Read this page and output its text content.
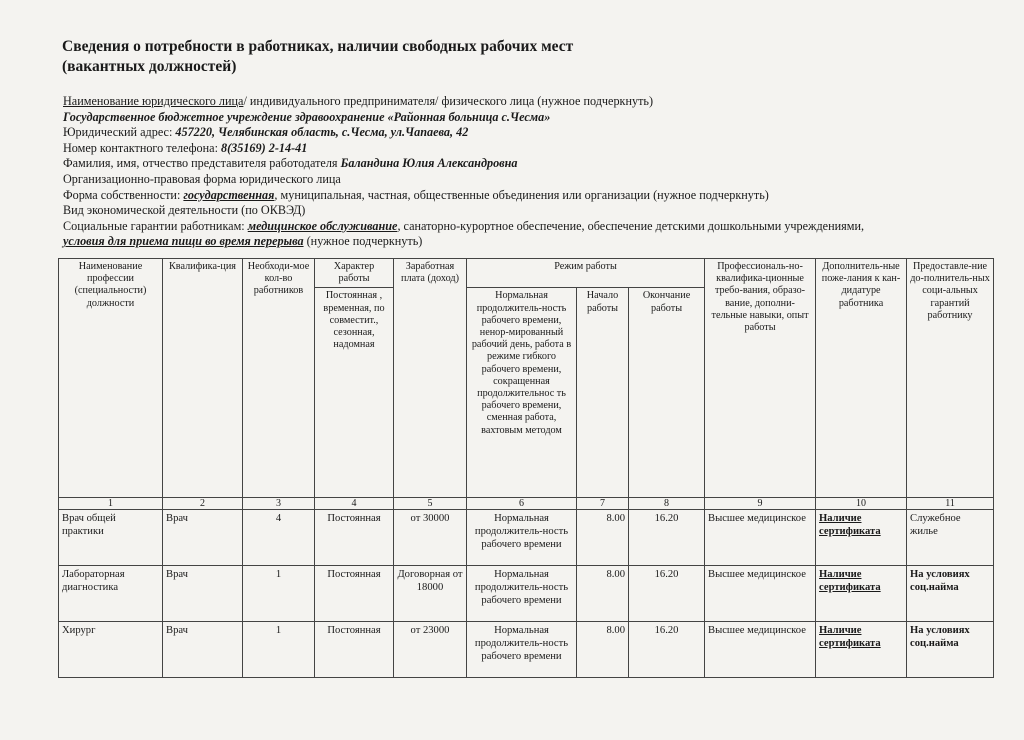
Сведения о потребности в работниках, наличии свободных рабочих мест
(вакантных должностей)
Наименование юридического лица/ индивидуального предпринимателя/ физического лица (нужное подчеркнуть)
Государственное бюджетное учреждение здравоохранение «Районная больница с.Чесма»
Юридический адрес: 457220, Челябинская область, с.Чесма, ул.Чапаева, 42
Номер контактного телефона: 8(35169) 2-14-41
Фамилия, имя, отчество представителя работодателя Баландина Юлия Александровна
Организационно-правовая форма юридического лица
Форма собственности: государственная, муниципальная, частная, общественные объединения или организации (нужное подчеркнуть)
Вид экономической деятельности (по ОКВЭД)
Социальные гарантии работникам: медицинское обслуживание, санаторно-курортное обеспечение, обеспечение детскими дошкольными учреждениями,
условия для приема пищи во время перерыва (нужное подчеркнуть)
Наименование профессии (специальности) должности	Квалифика-ция	Необходи-мое кол-во работников	Характер работы	Заработная плата (доход)	Режим работы			Профессиональ-но-квалифика-ционные требо-вания, образо-вание, дополни-тельные навыки, опыт работы	Дополнитель-ные поже-лания к кан-дидатуре работника	Предоставле-ние до-полнитель-ных соци-альных гарантий работнику
			Постоянная , временная, по совместит., сезонная, надомная		Нормальная продолжитель-ность рабочего времени, ненор-мированный рабочий день, работа в режиме гибкого рабочего времени, сокращенная продолжительнос ть рабочего времени, сменная работа, вахтовым методом	Начало работы	Окончание работы			
1	2	3	4	5	6	7	8	9	10	11
Врач общей практики	Врач	4	Постоянная	от 30000	Нормальная продолжитель-ность рабочего времени	8.00	16.20	Высшее медицинское	Наличие сертификата	Служебное жилье
Лабораторная диагностика	Врач	1	Постоянная	Договорная от 18000	Нормальная продолжитель-ность рабочего времени	8.00	16.20	Высшее медицинское	Наличие сертификата	На условиях соц.найма
Хирург	Врач	1	Постоянная	от 23000	Нормальная продолжитель-ность рабочего времени	8.00	16.20	Высшее медицинское	Наличие сертификата	На условиях соц.найма
